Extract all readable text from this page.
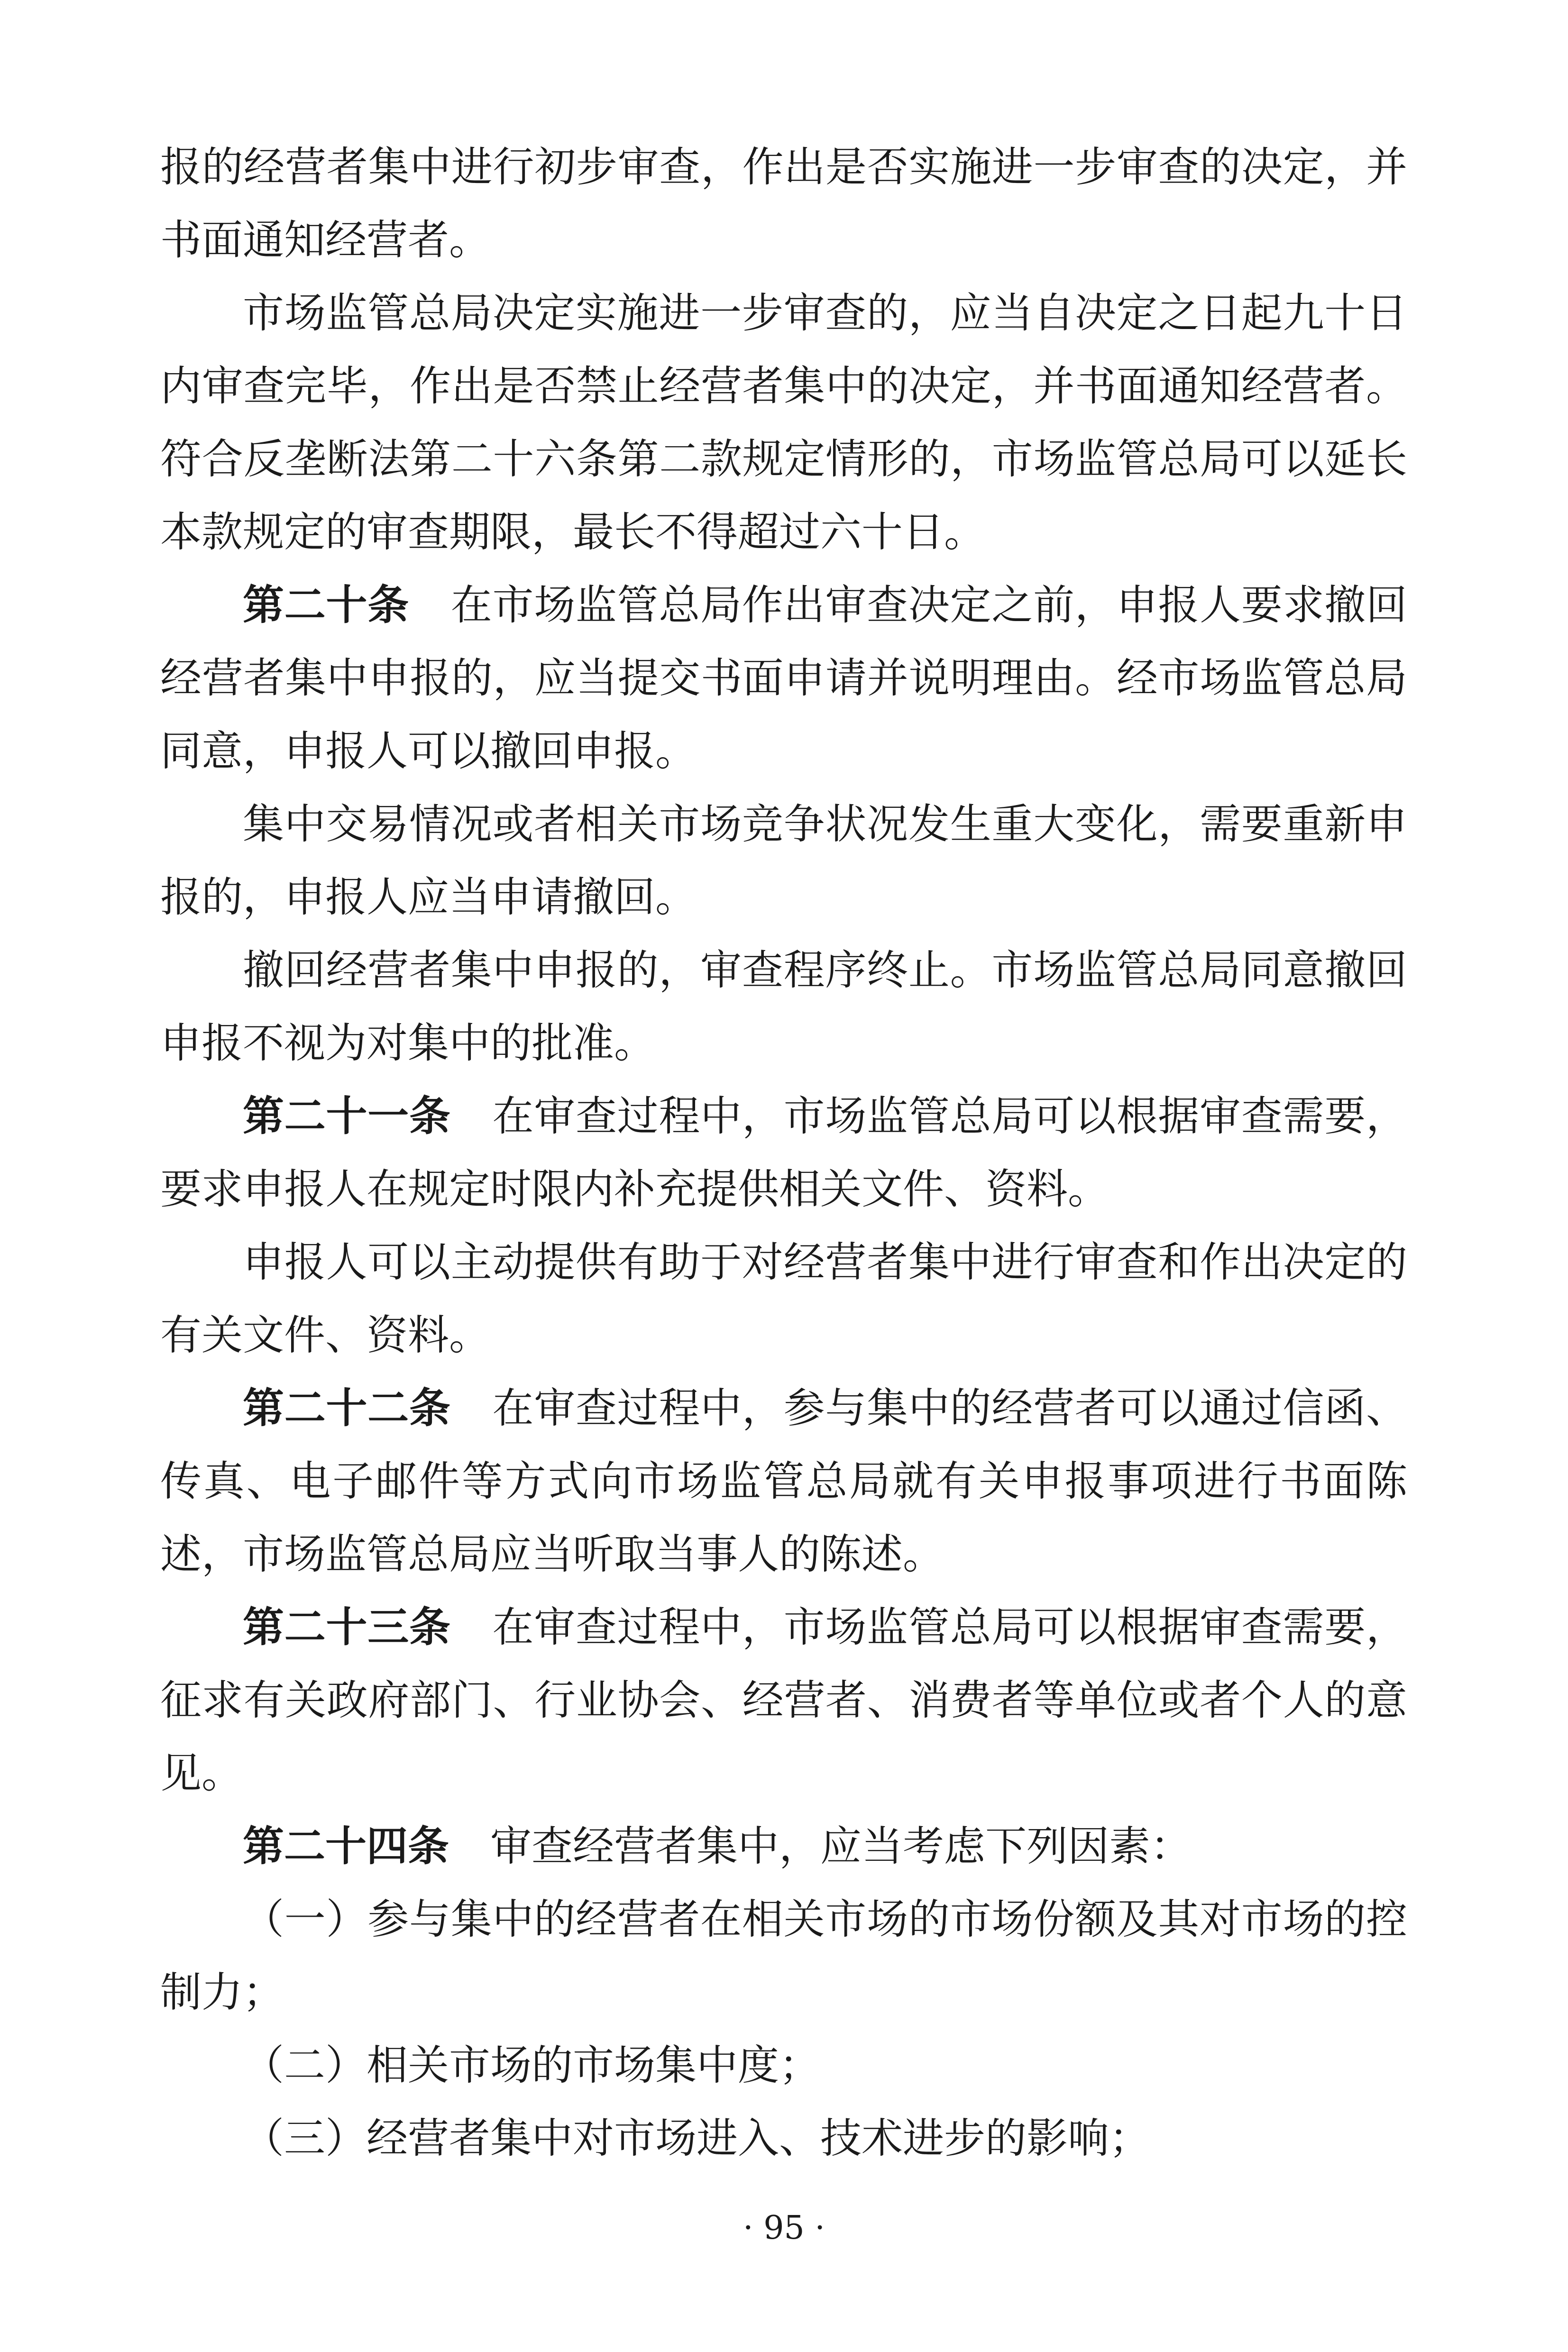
报的经营者集中进行初步审查，作出是否实施进一步审查的决定，并书面通知经营者。

市场监管总局决定实施进一步审查的，应当自决定之日起九十日内审查完毕，作出是否禁止经营者集中的决定，并书面通知经营者。符合反垄断法第二十六条第二款规定情形的，市场监管总局可以延长本款规定的审查期限，最长不得超过六十日。

第二十条 在市场监管总局作出审查决定之前，申报人要求撤回经营者集中申报的，应当提交书面申请并说明理由。经市场监管总局同意，申报人可以撤回申报。

集中交易情况或者相关市场竞争状况发生重大变化，需要重新申报的，申报人应当申请撤回。

撤回经营者集中申报的，审查程序终止。市场监管总局同意撤回申报不视为对集中的批准。

第二十一条 在审查过程中，市场监管总局可以根据审查需要，要求申报人在规定时限内补充提供相关文件、资料。

申报人可以主动提供有助于对经营者集中进行审查和作出决定的有关文件、资料。

第二十二条 在审查过程中，参与集中的经营者可以通过信函、传真、电子邮件等方式向市场监管总局就有关申报事项进行书面陈述，市场监管总局应当听取当事人的陈述。

第二十三条 在审查过程中，市场监管总局可以根据审查需要，征求有关政府部门、行业协会、经营者、消费者等单位或者个人的意见。

第二十四条 审查经营者集中，应当考虑下列因素：

（一）参与集中的经营者在相关市场的市场份额及其对市场的控制力；

（二）相关市场的市场集中度；

（三）经营者集中对市场进入、技术进步的影响；

· 95 ·
